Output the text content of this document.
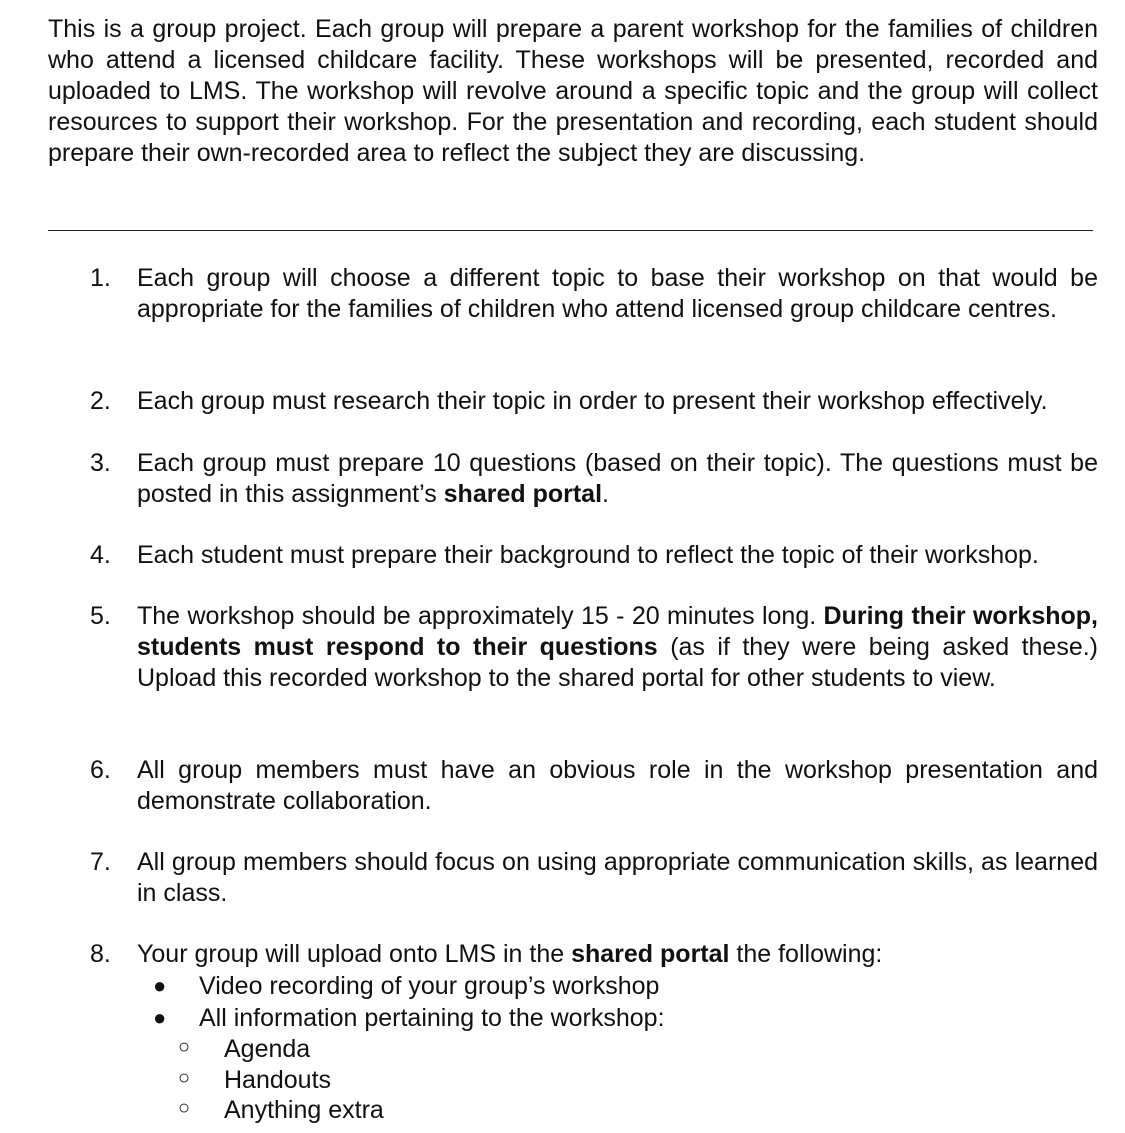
This is a group project. Each group will prepare a parent workshop for the families of children who attend a licensed childcare facility. These workshops will be presented, recorded and uploaded to LMS. The workshop will revolve around a specific topic and the group will collect resources to support their workshop. For the presentation and recording, each student should prepare their own-recorded area to reflect the subject they are discussing.

1. Each group will choose a different topic to base their workshop on that would be appropriate for the families of children who attend licensed group childcare centres.
2. Each group must research their topic in order to present their workshop effectively.
3. Each group must prepare 10 questions (based on their topic). The questions must be posted in this assignment’s shared portal.
4. Each student must prepare their background to reflect the topic of their workshop.
5. The workshop should be approximately 15 - 20 minutes long. During their workshop, students must respond to their questions (as if they were being asked these.) Upload this recorded workshop to the shared portal for other students to view.
6. All group members must have an obvious role in the workshop presentation and demonstrate collaboration.
7. All group members should focus on using appropriate communication skills, as learned in class.
8. Your group will upload onto LMS in the shared portal the following:
● Video recording of your group’s workshop
● All information pertaining to the workshop:
○ Agenda
○ Handouts
○ Anything extra
